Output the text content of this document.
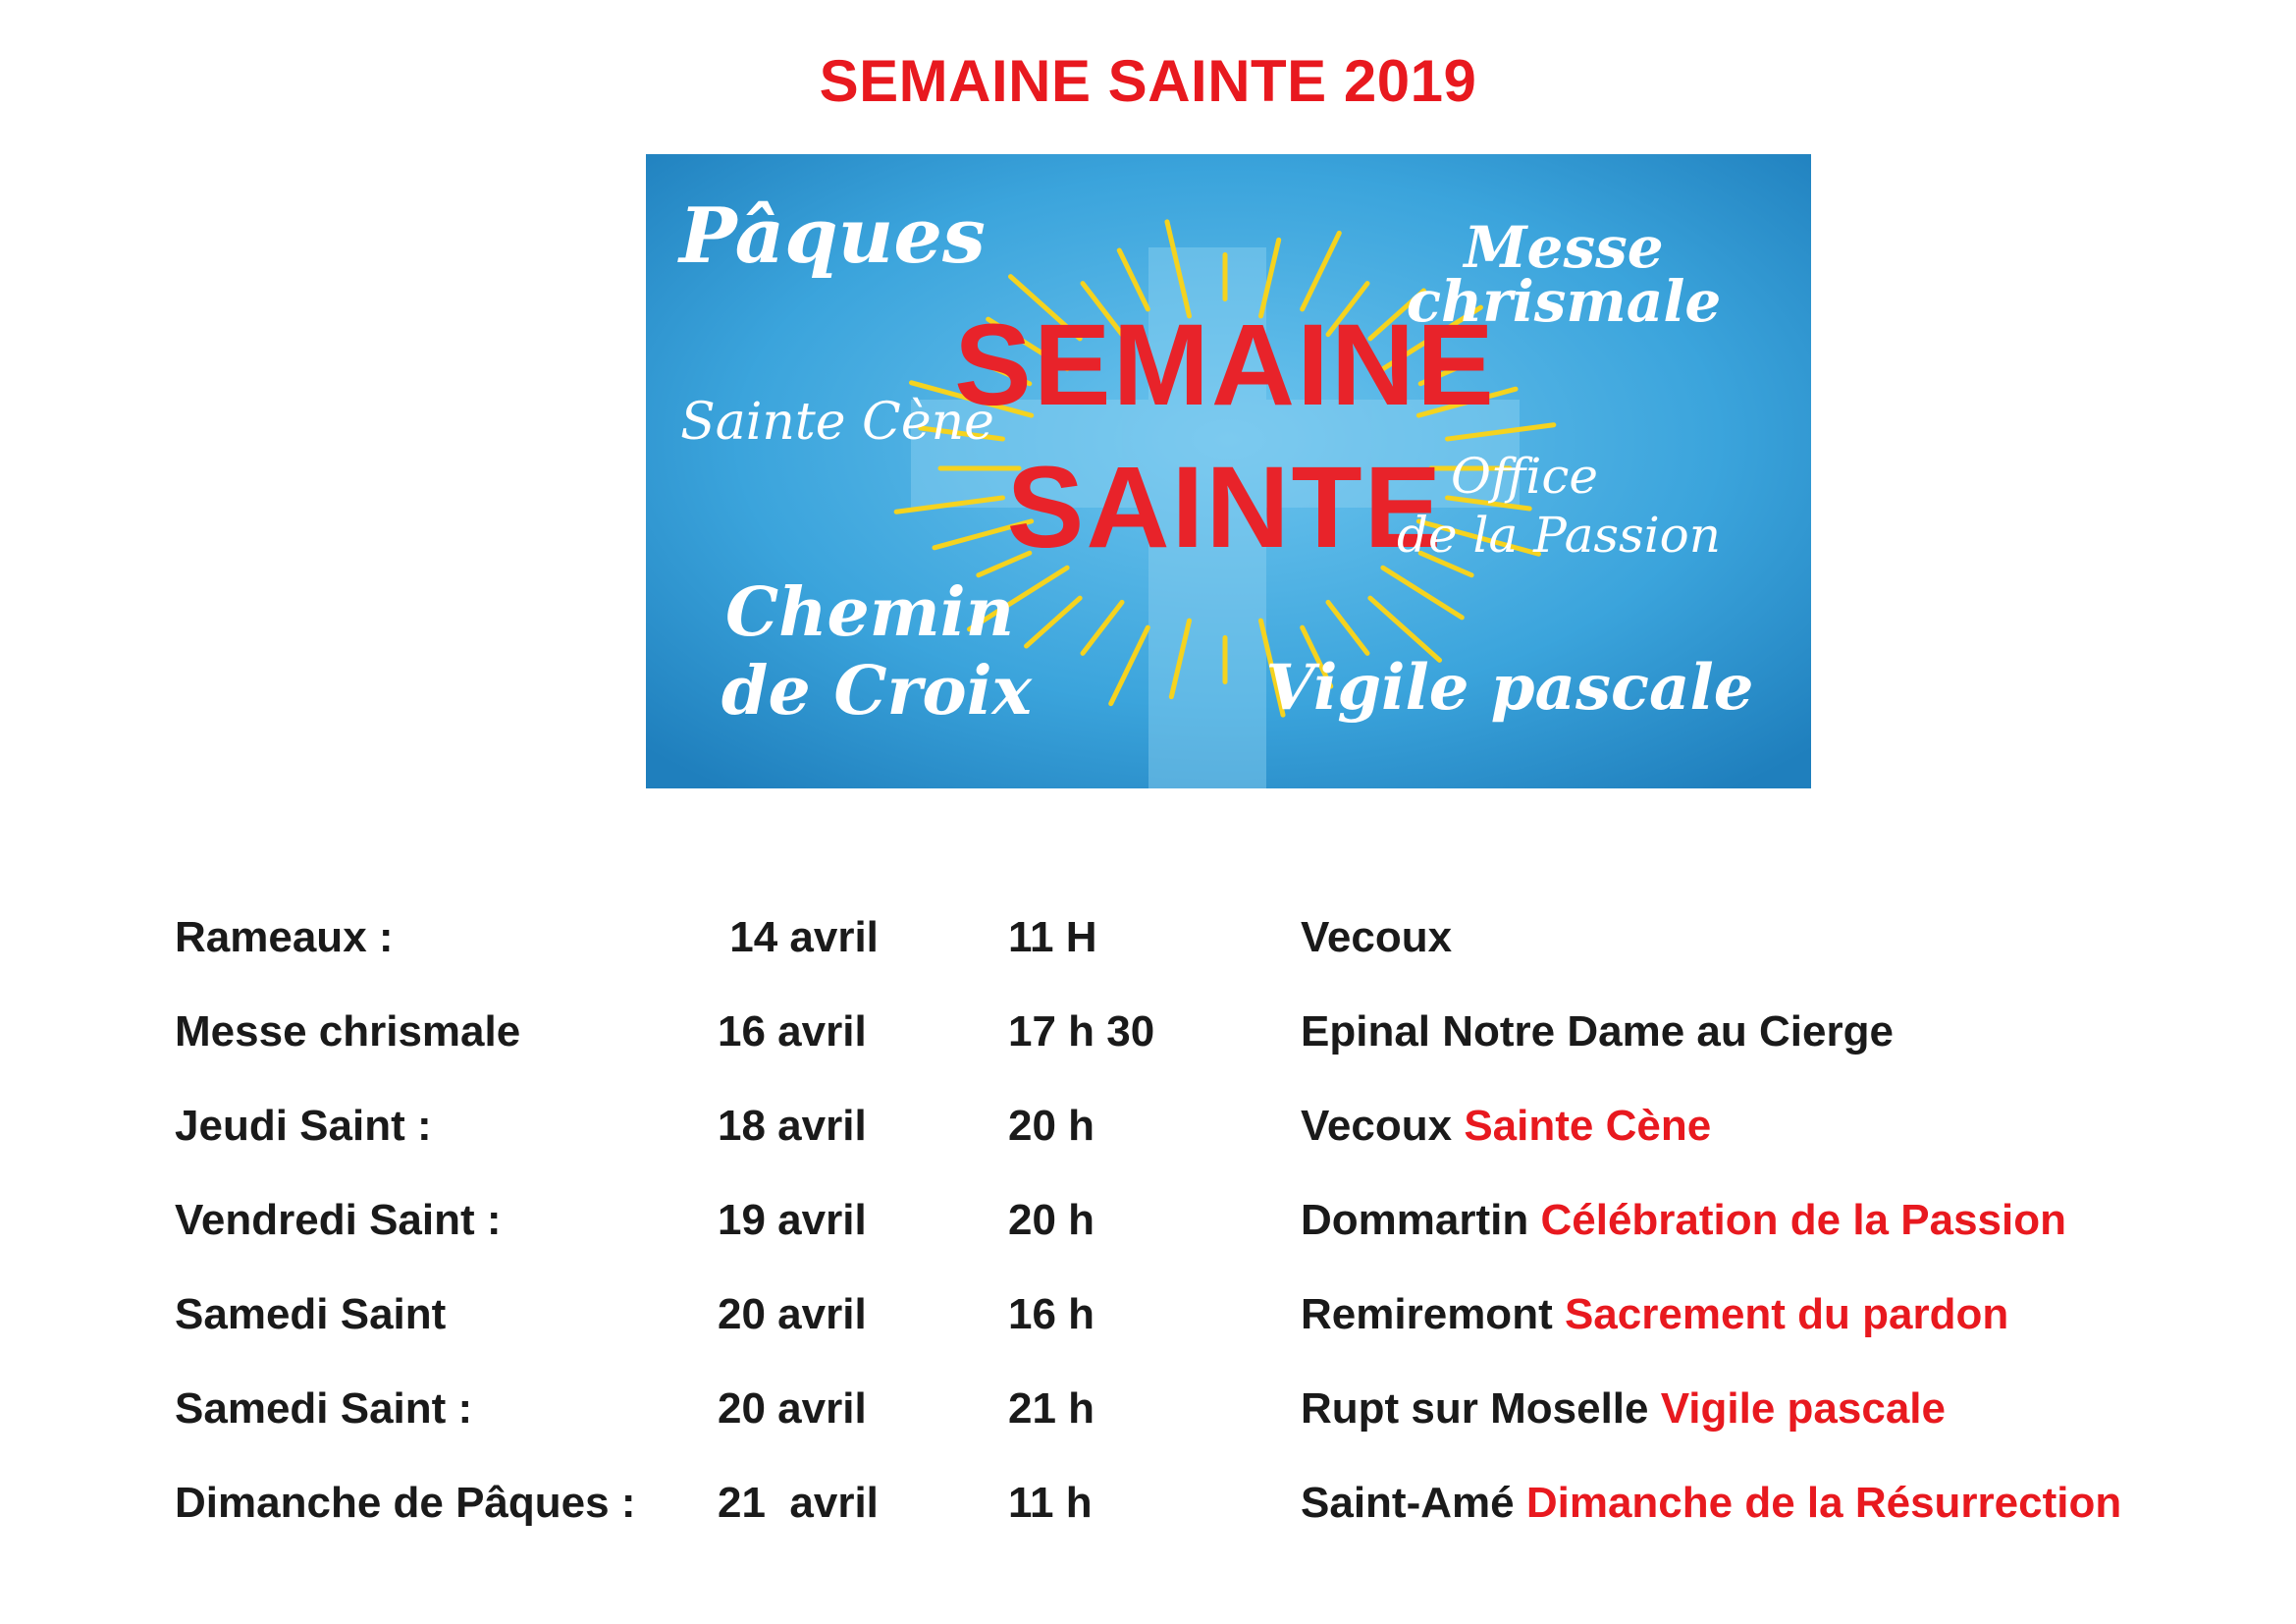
SEMAINE SAINTE 2019
SEMAINE
SAINTE
Pâques	Messe
chrismale
Sainte Cène
Office
de la Passion
Chemin
de Croix	Vigile pascale
Rameaux :	14 avril	11 H	Vecoux
Messe chrismale	16 avril	17 h 30	Epinal Notre Dame au Cierge
Jeudi Saint :	18 avril	20 h	Vecoux Sainte Cène
Vendredi Saint :	19 avril	20 h	Dommartin Célébration de la Passion
Samedi Saint	20 avril	16 h	Remiremont Sacrement du pardon
Samedi Saint :	20 avril	21 h	Rupt sur Moselle Vigile pascale
Dimanche de Pâques : 21  avril	11 h	Saint-Amé Dimanche de la Résurrection
